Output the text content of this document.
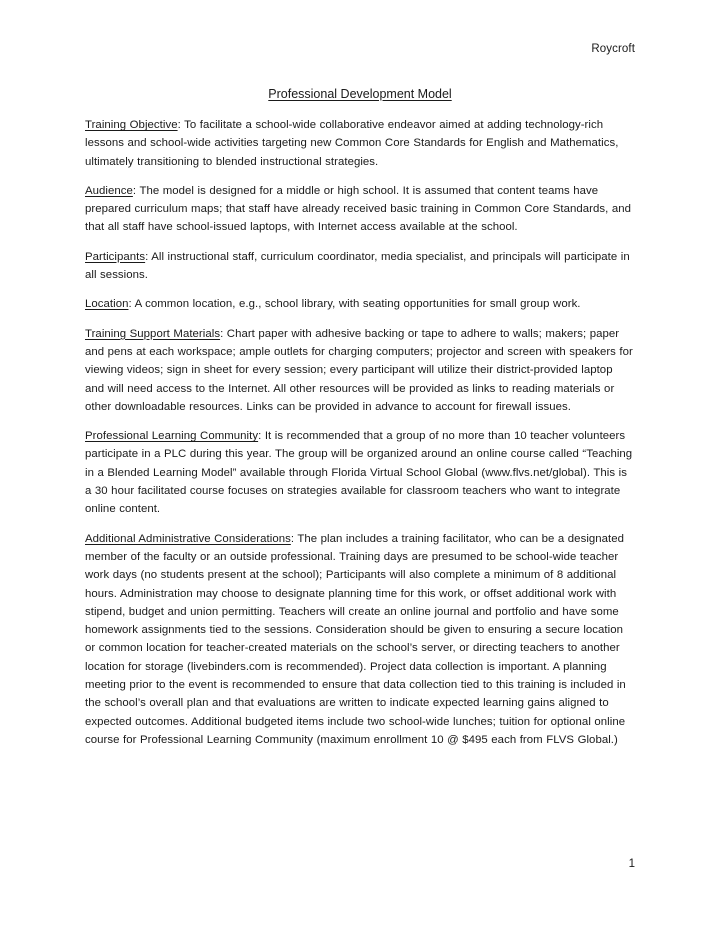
Roycroft
Professional Development Model

Training Objective: To facilitate a school-wide collaborative endeavor aimed at adding technology-rich lessons and school-wide activities targeting new Common Core Standards for English and Mathematics, ultimately transitioning to blended instructional strategies.

Audience: The model is designed for a middle or high school. It is assumed that content teams have prepared curriculum maps; that staff have already received basic training in Common Core Standards, and that all staff have school-issued laptops, with Internet access available at the school.

Participants: All instructional staff, curriculum coordinator, media specialist, and principals will participate in all sessions.

Location: A common location, e.g., school library, with seating opportunities for small group work.

Training Support Materials: Chart paper with adhesive backing or tape to adhere to walls; makers; paper and pens at each workspace; ample outlets for charging computers; projector and screen with speakers for viewing videos; sign in sheet for every session; every participant will utilize their district-provided laptop and will need access to the Internet. All other resources will be provided as links to reading materials or other downloadable resources. Links can be provided in advance to account for firewall issues.

Professional Learning Community: It is recommended that a group of no more than 10 teacher volunteers participate in a PLC during this year. The group will be organized around an online course called “Teaching in a Blended Learning Model” available through Florida Virtual School Global (www.flvs.net/global). This is a 30 hour facilitated course focuses on strategies available for classroom teachers who want to integrate online content.

Additional Administrative Considerations: The plan includes a training facilitator, who can be a designated member of the faculty or an outside professional. Training days are presumed to be school-wide teacher work days (no students present at the school); Participants will also complete a minimum of 8 additional hours. Administration may choose to designate planning time for this work, or offset additional work with stipend, budget and union permitting. Teachers will create an online journal and portfolio and have some homework assignments tied to the sessions. Consideration should be given to ensuring a secure location or common location for teacher-created materials on the school’s server, or directing teachers to another location for storage (livebinders.com is recommended). Project data collection is important. A planning meeting prior to the event is recommended to ensure that data collection tied to this training is included in the school’s overall plan and that evaluations are written to indicate expected learning gains aligned to expected outcomes. Additional budgeted items include two school-wide lunches; tuition for optional online course for Professional Learning Community (maximum enrollment 10 @ $495 each from FLVS Global.)

1
